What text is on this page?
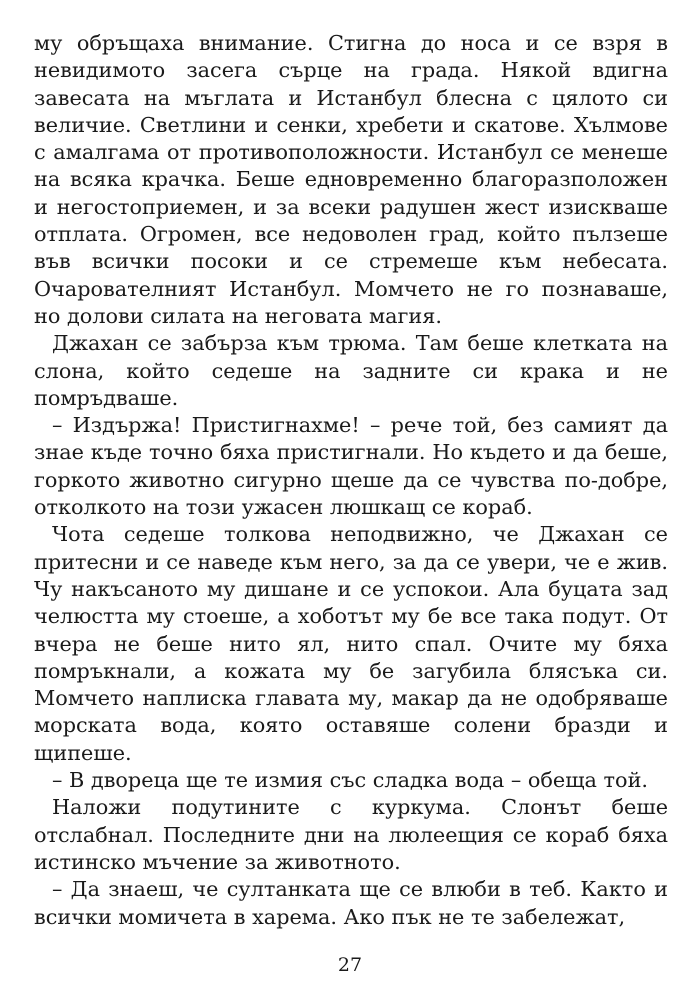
му обръщаха внимание. Стигна до носа и се взря в невидимото засега сърце на града. Някой вдигна завесата на мъглата и Истанбул блесна с цялото си величие. Светлини и сенки, хребети и скатове. Хълмове с амалгама от противоположности. Истанбул се менеше на всяка крачка. Беше едновременно благоразположен и негостоприемен, и за всеки радушен жест изискваше отплата. Огромен, все недоволен град, който пълзеше във всички посоки и се стремеше към небесата. Очарователният Истанбул. Момчето не го познаваше, но долови силата на неговата магия.

Джахан се забърза към трюма. Там беше клетката на слона, който седеше на задните си крака и не помръдваше.

– Издържа! Пристигнахме! – рече той, без самият да знае къде точно бяха пристигнали. Но където и да беше, горкото животно сигурно щеше да се чувства по-добре, отколкото на този ужасен люшкащ се кораб.

Чота седеше толкова неподвижно, че Джахан се притесни и се наведе към него, за да се увери, че е жив. Чу накъсаното му дишане и се успокои. Ала буцата зад челюстта му стоеше, а хоботът му бе все така подут. От вчера не беше нито ял, нито спал. Очите му бяха помръкнали, а кожата му бе загубила блясъка си. Момчето наплиска главата му, макар да не одобряваше морската вода, която оставяше солени бразди и щипеше.

– В двореца ще те измия със сладка вода – обеща той.

Наложи подутините с куркума. Слонът беше отслабнал. Последните дни на люлеещия се кораб бяха истинско мъчение за животното.

– Да знаеш, че султанката ще се влюби в теб. Както и всички момичета в харема. Ако пък не те забележат,

27
